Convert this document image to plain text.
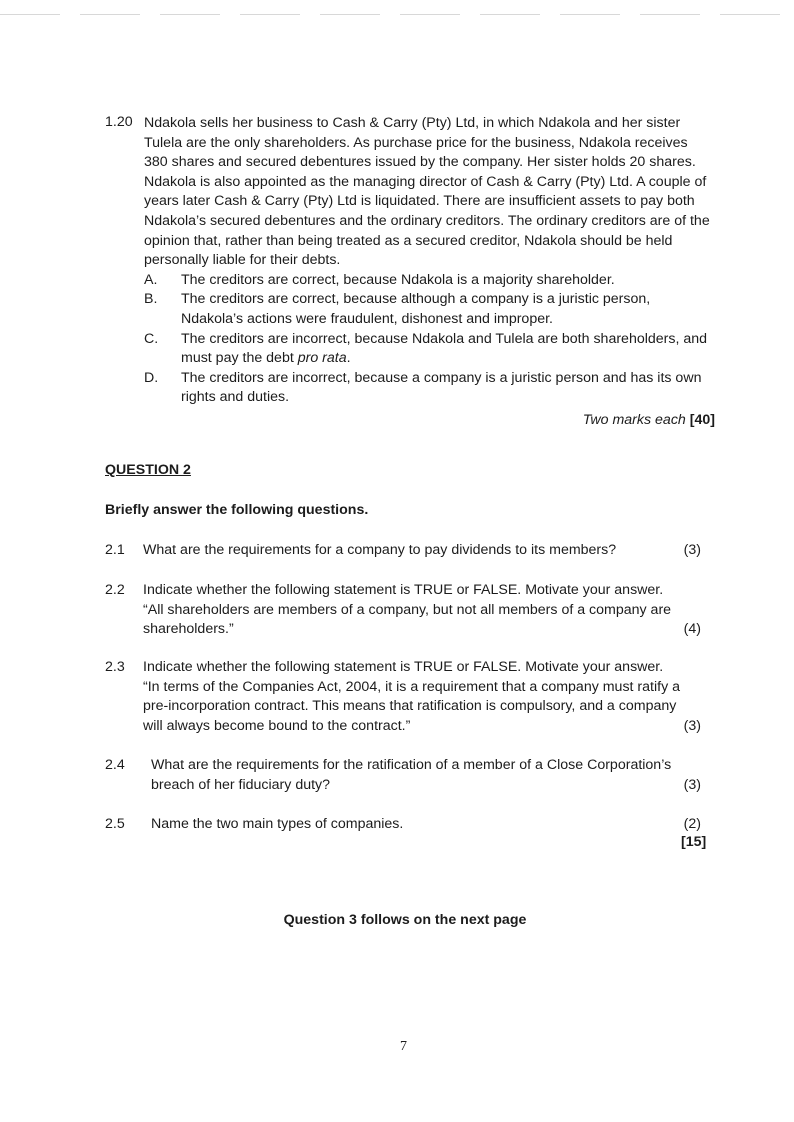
1.20 Ndakola sells her business to Cash & Carry (Pty) Ltd, in which Ndakola and her sister Tulela are the only shareholders. As purchase price for the business, Ndakola receives 380 shares and secured debentures issued by the company. Her sister holds 20 shares. Ndakola is also appointed as the managing director of Cash & Carry (Pty) Ltd. A couple of years later Cash & Carry (Pty) Ltd is liquidated. There are insufficient assets to pay both Ndakola’s secured debentures and the ordinary creditors. The ordinary creditors are of the opinion that, rather than being treated as a secured creditor, Ndakola should be held personally liable for their debts.
A. The creditors are correct, because Ndakola is a majority shareholder.
B. The creditors are correct, because although a company is a juristic person, Ndakola’s actions were fraudulent, dishonest and improper.
C. The creditors are incorrect, because Ndakola and Tulela are both shareholders, and must pay the debt pro rata.
D. The creditors are incorrect, because a company is a juristic person and has its own rights and duties.
Two marks each [40]
QUESTION 2
Briefly answer the following questions.
2.1 What are the requirements for a company to pay dividends to its members?	(3)
2.2 Indicate whether the following statement is TRUE or FALSE. Motivate your answer.
“All shareholders are members of a company, but not all members of a company are
shareholders.”	(4)
2.3 Indicate whether the following statement is TRUE or FALSE. Motivate your answer.
“In terms of the Companies Act, 2004, it is a requirement that a company must ratify a
pre-incorporation contract. This means that ratification is compulsory, and a company
will always become bound to the contract.”	(3)
2.4 What are the requirements for the ratification of a member of a Close Corporation’s
breach of her fiduciary duty?	(3)
2.5 Name the two main types of companies.	(2)
[15]
Question 3 follows on the next page
7
